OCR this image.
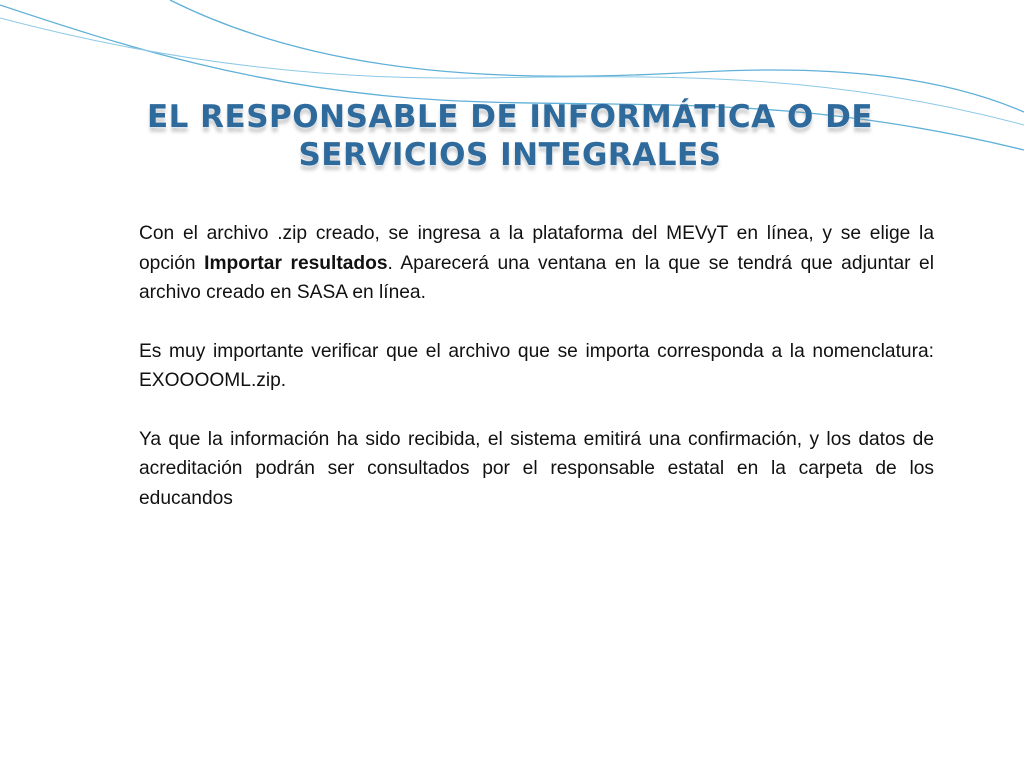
EL RESPONSABLE DE INFORMÁTICA O DE
SERVICIOS INTEGRALES

Con el archivo .zip creado, se ingresa a la plataforma del MEVyT en línea, y se elige la opción Importar resultados. Aparecerá una ventana en la que se tendrá que adjuntar el archivo creado en SASA en línea.

Es muy importante verificar que el archivo que se importa corresponda a la nomenclatura: EXOOOOML.zip.

Ya que la información ha sido recibida, el sistema emitirá una confirmación, y los datos de acreditación podrán ser consultados por el responsable estatal en la carpeta de los educandos
